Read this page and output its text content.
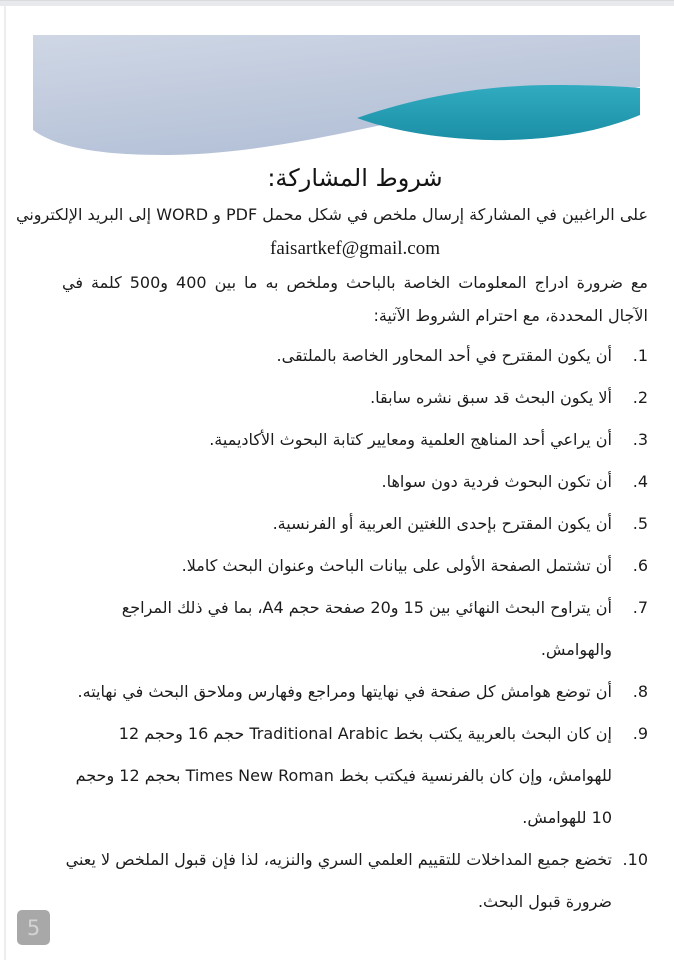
شروط المشاركة:

على الراغبين في المشاركة إرسال ملخص في شكل محمل PDF و WORD إلى البريد الإلكتروني

faisartkef@gmail.com

مع ضرورة ادراج المعلومات الخاصة بالباحث وملخص به ما بين 400 و500 كلمة في الآجال المحددة، مع احترام الشروط الآتية:

1.
أن يكون المقترح في أحد المحاور الخاصة بالملتقى.
2.
ألا يكون البحث قد سبق نشره سابقا.
3.
أن يراعي أحد المناهج العلمية ومعايير كتابة البحوث الأكاديمية.
4.
أن تكون البحوث فردية دون سواها.
5.
أن يكون المقترح بإحدى اللغتين العربية أو الفرنسية.
6.
أن تشتمل الصفحة الأولى على بيانات الباحث وعنوان البحث كاملا.
7.
أن يتراوح البحث النهائي بين 15 و20 صفحة حجم A4، بما في ذلك المراجع والهوامش.
8.
أن توضع هوامش كل صفحة في نهايتها ومراجع وفهارس وملاحق البحث في نهايته.
9.
إن كان البحث بالعربية يكتب بخط Traditional Arabic حجم 16 وحجم 12 للهوامش، وإن كان بالفرنسية فيكتب بخط Times New Roman بحجم 12 وحجم 10 للهوامش.
10.
تخضع جميع المداخلات للتقييم العلمي السري والنزيه، لذا فإن قبول الملخص لا يعني ضرورة قبول البحث.
5
